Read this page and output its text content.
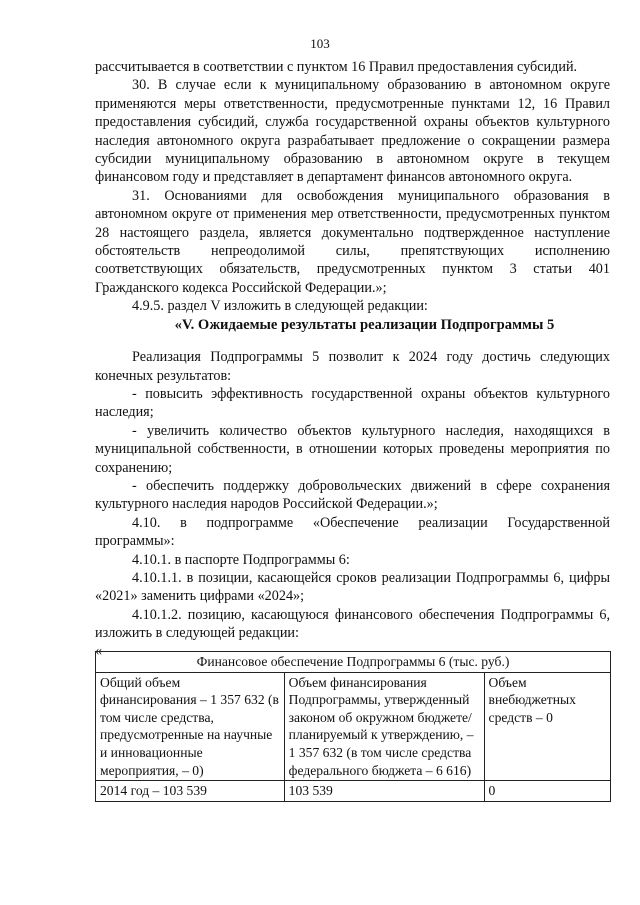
103

рассчитывается в соответствии с пунктом 16 Правил предоставления субсидий.

30. В случае если к муниципальному образованию в автономном округе применяются меры ответственности, предусмотренные пунктами 12, 16 Правил предоставления субсидий, служба государственной охраны объектов культурного наследия автономного округа разрабатывает предложение о сокращении размера субсидии муниципальному образованию в автономном округе в текущем финансовом году и представляет в департамент финансов автономного округа.

31. Основаниями для освобождения муниципального образования в автономном округе от применения мер ответственности, предусмотренных пунктом 28 настоящего раздела, является документально подтвержденное наступление обстоятельств непреодолимой силы, препятствующих исполнению соответствующих обязательств, предусмотренных пунктом 3 статьи 401 Гражданского кодекса Российской Федерации.»;

4.9.5. раздел V изложить в следующей редакции:

«V. Ожидаемые результаты реализации Подпрограммы 5

Реализация Подпрограммы 5 позволит к 2024 году достичь следующих конечных результатов:

- повысить эффективность государственной охраны объектов культурного наследия;

- увеличить количество объектов культурного наследия, находящихся в муниципальной собственности, в отношении которых проведены мероприятия по сохранению;

- обеспечить поддержку добровольческих движений в сфере сохранения культурного наследия народов Российской Федерации.»;

4.10. в подпрограмме «Обеспечение реализации Государственной программы»:

4.10.1. в паспорте Подпрограммы 6:

4.10.1.1. в позиции, касающейся сроков реализации Подпрограммы 6, цифры «2021» заменить цифрами «2024»;

4.10.1.2. позицию, касающуюся финансового обеспечения Подпрограммы 6, изложить в следующей редакции:

«

Финансовое обеспечение Подпрограммы 6 (тыс. руб.)		
Общий объем финансирования – 1 357 632 (в том числе средства, предусмотренные на научные и инновационные мероприятия, – 0)	Объем финансирования Подпрограммы, утвержденный законом об окружном бюджете/планируемый к утверждению, – 1 357 632 (в том числе средства федерального бюджета – 6 616)	Объем внебюджетных средств – 0
2014 год – 103 539	103 539	0
